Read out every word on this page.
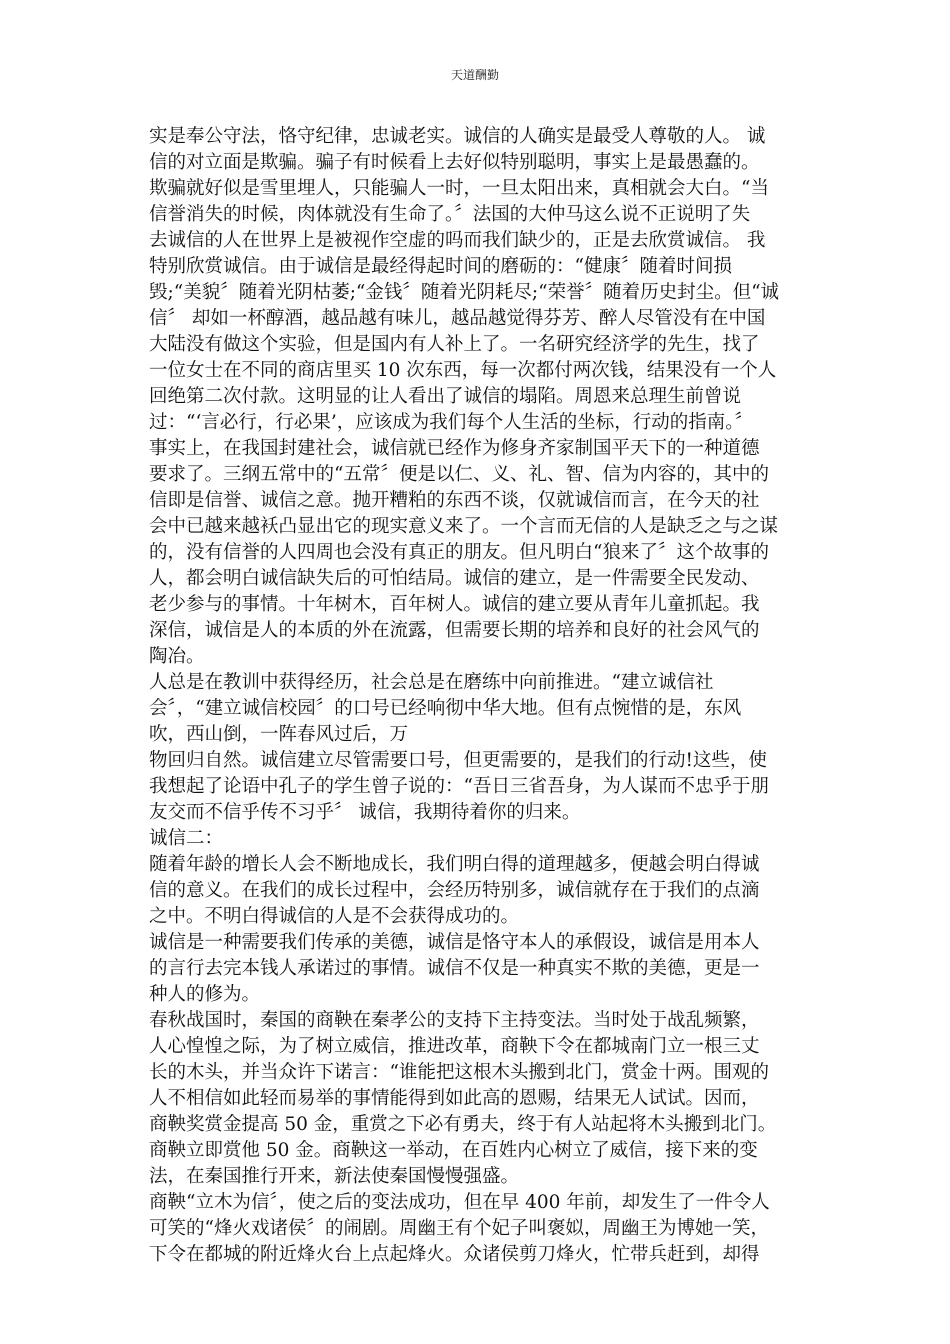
天道酬勤
实是奉公守法，恪守纪律，忠诚老实。诚信的人确实是最受人尊敬的人。 诚
信的对立面是欺骗。骗子有时候看上去好似特别聪明，事实上是最愚蠢的。
欺骗就好似是雪里埋人，只能骗人一时，一旦太阳出来，真相就会大白。“当
信誉消失的时候，肉体就没有生命了。〞法国的大仲马这么说不正说明了失
去诚信的人在世界上是被视作空虚的吗而我们缺少的，正是去欣赏诚信。 我
特别欣赏诚信。由于诚信是最经得起时间的磨砺的：“健康〞随着时间损
毁;“美貌〞随着光阴枯萎;“金钱〞随着光阴耗尽;“荣誉〞随着历史封尘。但“诚
信〞 却如一杯醇酒，越品越有味儿，越品越觉得芬芳、醉人尽管没有在中国
大陆没有做这个实验，但是国内有人补上了。一名研究经济学的先生，找了
一位女士在不同的商店里买 10 次东西，每一次都付两次钱，结果没有一个人
回绝第二次付款。这明显的让人看出了诚信的塌陷。周恩来总理生前曾说
过：“‘言必行，行必果’，应该成为我们每个人生活的坐标，行动的指南。〞
事实上，在我国封建社会，诚信就已经作为修身齐家制国平天下的一种道德
要求了。三纲五常中的“五常〞便是以仁、义、礼、智、信为内容的，其中的
信即是信誉、诚信之意。抛开糟粕的东西不谈，仅就诚信而言，在今天的社
会中已越来越袄凸显出它的现实意义来了。一个言而无信的人是缺乏之与之谋
的，没有信誉的人四周也会没有真正的朋友。但凡明白“狼来了〞这个故事的
人，都会明白诚信缺失后的可怕结局。诚信的建立，是一件需要全民发动、
老少参与的事情。十年树木，百年树人。诚信的建立要从青年儿童抓起。我
深信，诚信是人的本质的外在流露，但需要长期的培养和良好的社会风气的
陶冶。
人总是在教训中获得经历，社会总是在磨练中向前推进。“建立诚信社
会〞，“建立诚信校园〞的口号已经响彻中华大地。但有点惋惜的是，东风
吹，西山倒，一阵春风过后，万
物回归自然。诚信建立尽管需要口号，但更需要的，是我们的行动!这些，使
我想起了论语中孔子的学生曾子说的：“吾日三省吾身，为人谋而不忠乎于朋
友交而不信乎传不习乎〞 诚信，我期待着你的归来。
诚信二：
随着年龄的增长人会不断地成长，我们明白得的道理越多，便越会明白得诚
信的意义。在我们的成长过程中，会经历特别多，诚信就存在于我们的点滴
之中。不明白得诚信的人是不会获得成功的。
诚信是一种需要我们传承的美德，诚信是恪守本人的承假设，诚信是用本人
的言行去完本钱人承诺过的事情。诚信不仅是一种真实不欺的美德，更是一
种人的修为。
春秋战国时，秦国的商鞅在秦孝公的支持下主持变法。当时处于战乱频繁，
人心惶惶之际，为了树立威信，推进改革，商鞅下令在都城南门立一根三丈
长的木头，并当众许下诺言：“谁能把这根木头搬到北门，赏金十两。围观的
人不相信如此轻而易举的事情能得到如此高的恩赐，结果无人试试。因而，
商鞅奖赏金提高 50 金，重赏之下必有勇夫，终于有人站起将木头搬到北门。
商鞅立即赏他 50 金。商鞅这一举动，在百姓内心树立了威信，接下来的变
法，在秦国推行开来，新法使秦国慢慢强盛。
商鞅“立木为信〞，使之后的变法成功，但在早 400 年前，却发生了一件令人
可笑的“烽火戏诸侯〞的闹剧。周幽王有个妃子叫褒姒，周幽王为博她一笑，
下令在都城的附近烽火台上点起烽火。众诸侯剪刀烽火，忙带兵赶到，却得
